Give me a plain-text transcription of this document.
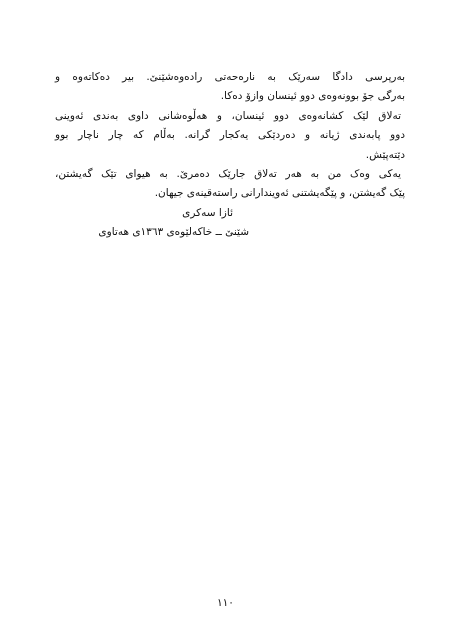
بەرپرسی دادگا سەرێک بە نارەحەتی رادەوەشێنێ. بیر دەکاتەوە و
بەرگی جۆ بوونەوەی دوو ئینسان وازۆ دەکا.
تەلاق لێک کشانەوەی دوو ئینسان، و هەڵوەشانی داوی بەندی ئەوینی
دوو پابەندی ژیانە و دەردێکی یەکجار گرانە. بەڵام کە چار ناچار بوو
دێتەپێش.
یەکی وەک من بە هەر تەلاق جارێک دەمرێ. بە هیوای تێک گەیشتن،
پێک گەیشتن، و پێگەیشتنی ئەویندارانی راستەقینەی جیهان.
ئازا سەکری
شێنێ ــ خاکەلێوەی ١٣٦٣ی هەتاوی
١١٠
